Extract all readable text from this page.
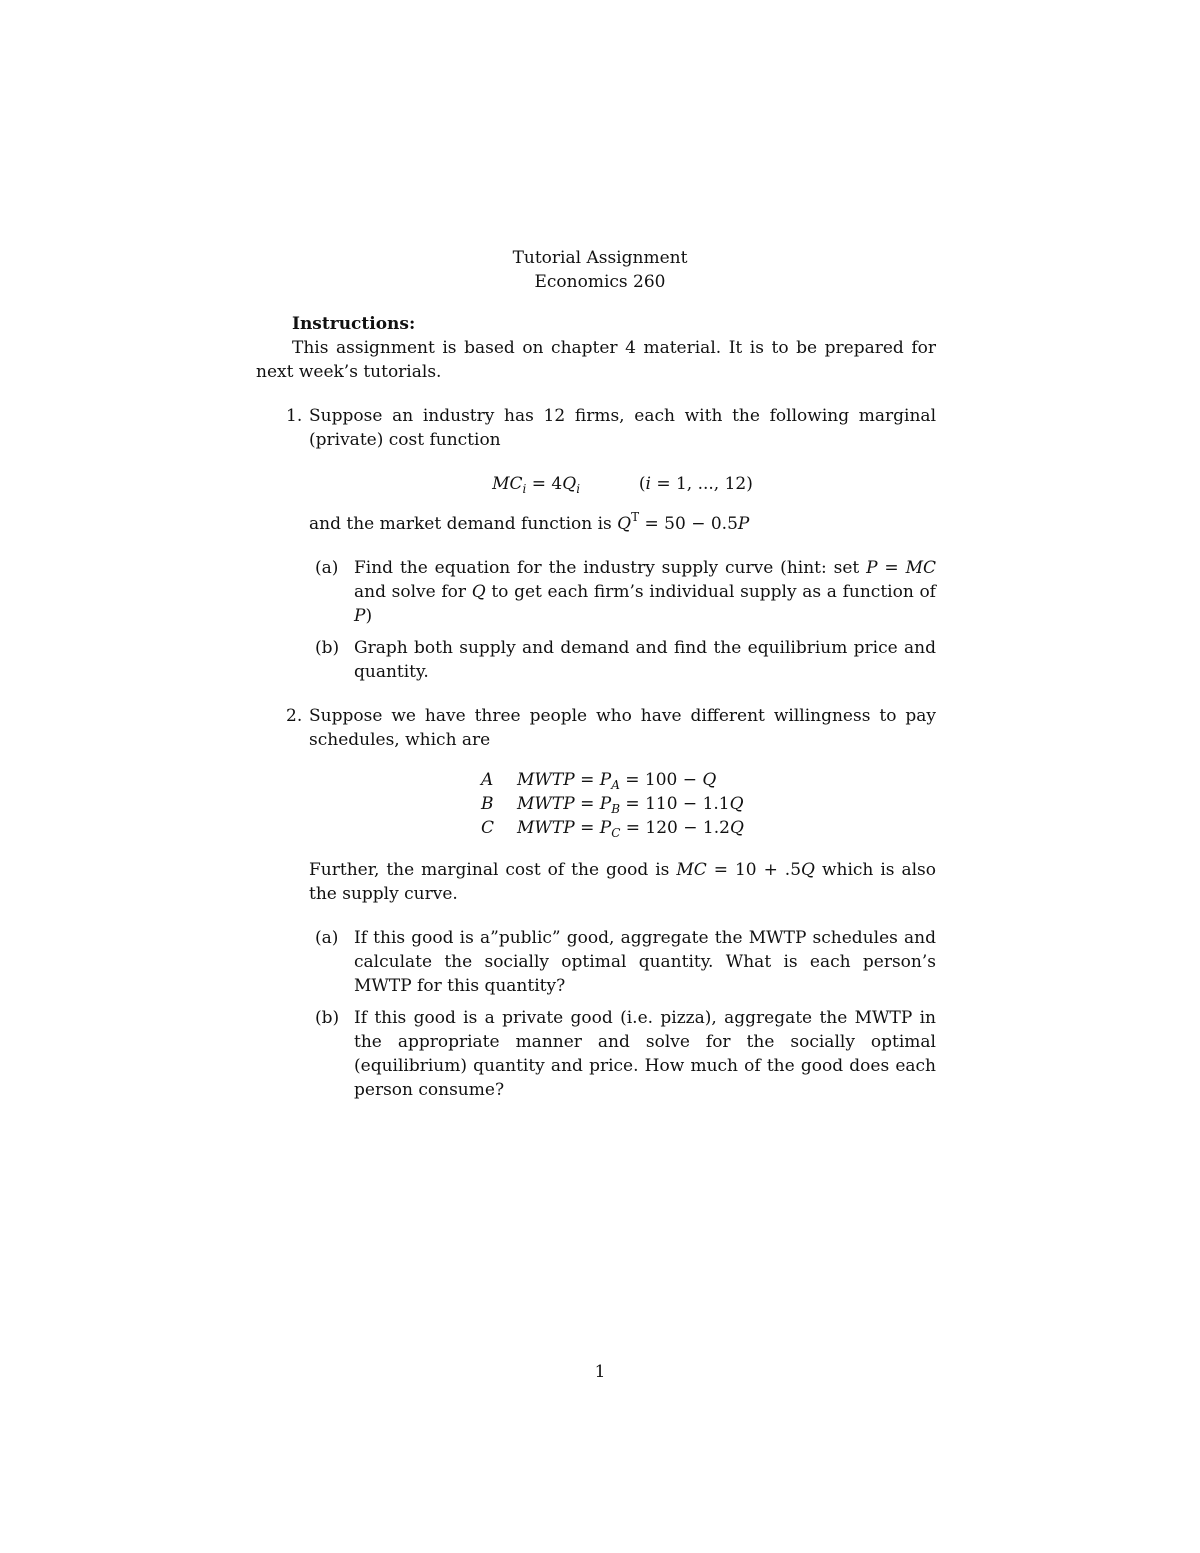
Tutorial Assignment
Economics 260

Instructions:

This assignment is based on chapter 4 material. It is to be prepared for next week’s tutorials.

1. Suppose an industry has 12 firms, each with the following marginal (private) cost function
$MC_i = 4Q_i$	(i = 1, ..., 12)
and the market demand function is $Q^T = 50 - 0.5P$
(a) Find the equation for the industry supply curve (hint: set P = MC and solve for Q to get each firm’s individual supply as a function of P)
(b) Graph both supply and demand and find the equilibrium price and quantity.
2. Suppose we have three people who have different willingness to pay schedules, which are
A	MWTP = $P_A = 100 - Q$
B	MWTP = $P_B = 110 - 1.1Q$
C	MWTP = $P_C = 120 - 1.2Q$
Further, the marginal cost of the good is MC = 10 + .5Q which is also the supply curve.
(a) If this good is a”public” good, aggregate the MWTP schedules and calculate the socially optimal quantity. What is each person’s MWTP for this quantity?
(b) If this good is a private good (i.e. pizza), aggregate the MWTP in the appropriate manner and solve for the socially optimal (equilibrium) quantity and price. How much of the good does each person consume?
1
